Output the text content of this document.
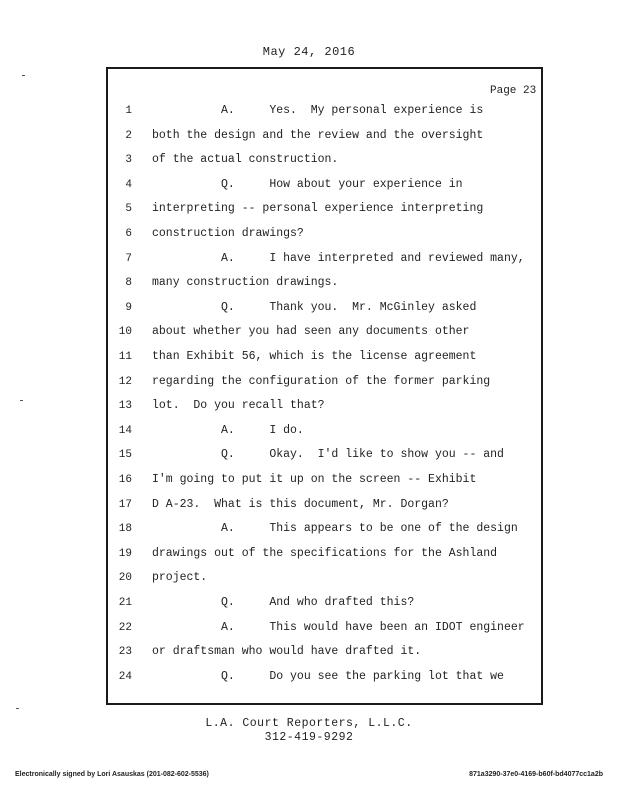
May 24, 2016
Page 23
1 A.     Yes.  My personal experience is
2 both the design and the review and the oversight
3 of the actual construction.
4 Q.     How about your experience in
5 interpreting -- personal experience interpreting
6 construction drawings?
7 A.     I have interpreted and reviewed many,
8 many construction drawings.
9 Q.     Thank you.  Mr. McGinley asked
10 about whether you had seen any documents other
11 than Exhibit 56, which is the license agreement
12 regarding the configuration of the former parking
13 lot.  Do you recall that?
14 A.     I do.
15 Q.     Okay.  I'd like to show you -- and
16 I'm going to put it up on the screen -- Exhibit
17 D A-23.  What is this document, Mr. Dorgan?
18 A.     This appears to be one of the design
19 drawings out of the specifications for the Ashland
20 project.
21 Q.     And who drafted this?
22 A.     This would have been an IDOT engineer
23 or draftsman who would have drafted it.
24 Q.     Do you see the parking lot that we
L.A. Court Reporters, L.L.C.
312-419-9292
Electronically signed by Lori Asauskas (201-082-602-5536)	871a3290-37e0-4169-b60f-bd4077cc1a2b
